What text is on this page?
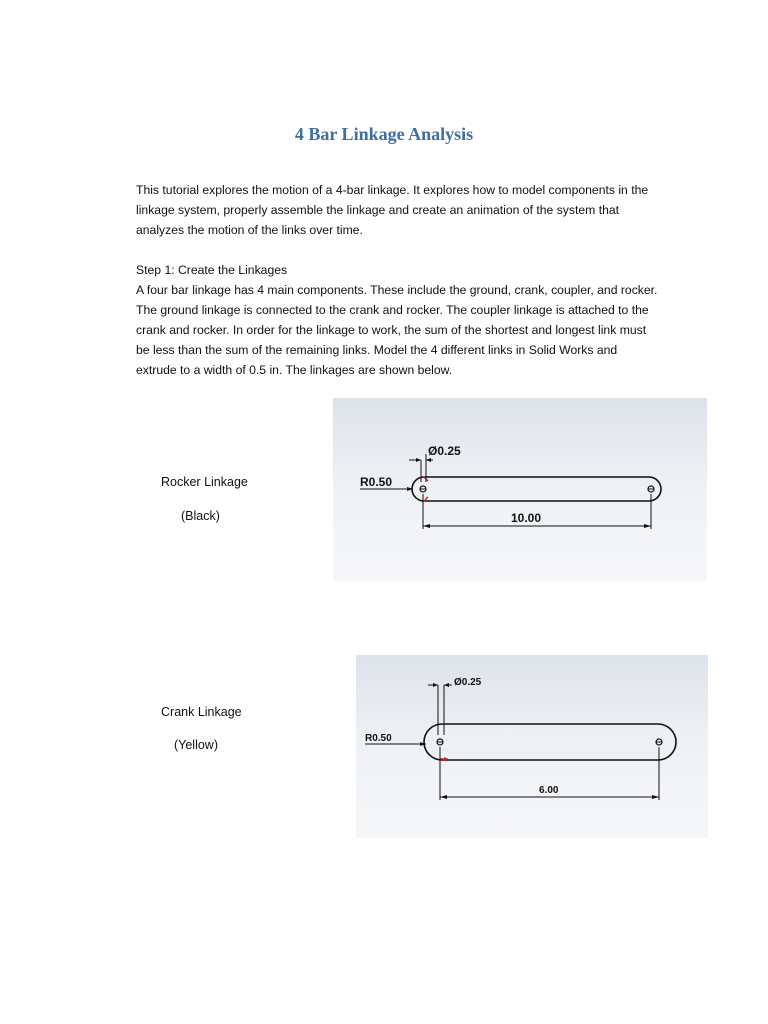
4 Bar Linkage Analysis

This tutorial explores the motion of a 4-bar linkage. It explores how to model components in the
linkage system, properly assemble the linkage and create an animation of the system that
analyzes the motion of the links over time.

Step 1: Create the Linkages
A four bar linkage has 4 main components. These include the ground, crank, coupler, and rocker.
The ground linkage is connected to the crank and rocker. The coupler linkage is attached to the
crank and rocker. In order for the linkage to work, the sum of the shortest and longest link must
be less than the sum of the remaining links. Model the 4 different links in Solid Works and
extrude to a width of 0.5 in. The linkages are shown below.

Rocker Linkage
(Black)
Ø0.25
R0.50
10.00
Crank Linkage
(Yellow)
Ø0.25
R0.50
6.00
